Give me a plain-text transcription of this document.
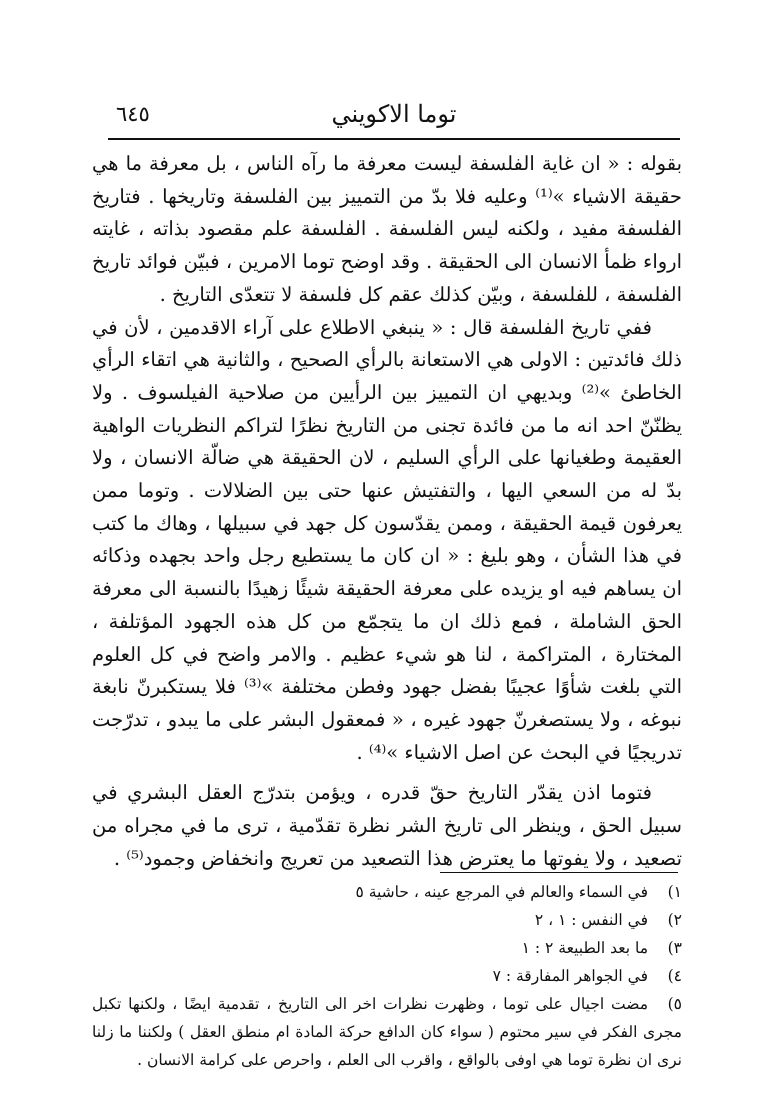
٦٤٥	توما الاكويني

بقوله : « ان غاية الفلسفة ليست معرفة ما رآه الناس ، بل معرفة ما هي حقيقة الاشياء »⁽¹⁾ وعليه فلا بدّ من التمييز بين الفلسفة وتاريخها . فتاريخ الفلسفة مفيد ، ولكنه ليس الفلسفة . الفلسفة علم مقصود بذاته ، غايته ارواء ظمأ الانسان الى الحقيقة . وقد اوضح توما الامرين ، فبيّن فوائد تاريخ الفلسفة ، للفلسفة ، وبيّن كذلك عقم كل فلسفة لا تتعدّى التاريخ .

ففي تاريخ الفلسفة قال : « ينبغي الاطلاع على آراء الاقدمين ، لأن في ذلك فائدتين : الاولى هي الاستعانة بالرأي الصحيح ، والثانية هي اتقاء الرأي الخاطئ »⁽²⁾ وبديهي ان التمييز بين الرأيين من صلاحية الفيلسوف . ولا يظنّنّ احد انه ما من فائدة تجنى من التاريخ نظرًا لتراكم النظريات الواهية العقيمة وطغيانها على الرأي السليم ، لان الحقيقة هي ضالّة الانسان ، ولا بدّ له من السعي اليها ، والتفتيش عنها حتى بين الضلالات . وتوما ممن يعرفون قيمة الحقيقة ، وممن يقدّسون كل جهد في سبيلها ، وهاك ما كتب في هذا الشأن ، وهو بليغ : « ان كان ما يستطيع رجل واحد بجهده وذكائه ان يساهم فيه او يزيده على معرفة الحقيقة شيئًا زهيدًا بالنسبة الى معرفة الحق الشاملة ، فمع ذلك ان ما يتجمّع من كل هذه الجهود المؤتلفة ، المختارة ، المتراكمة ، لنا هو شيء عظيم . والامر واضح في كل العلوم التي بلغت شأوًا عجيبًا بفضل جهود وفطن مختلفة »⁽³⁾ فلا يستكبرنّ نابغة نبوغه ، ولا يستصغرنّ جهود غيره ، « فمعقول البشر على ما يبدو ، تدرّجت تدريجيًا في البحث عن اصل الاشياء »⁽⁴⁾ .

فتوما اذن يقدّر التاريخ حقّ قدره ، ويؤمن بتدرّج العقل البشري في سبيل الحق ، وينظر الى تاريخ الشر نظرة تقدّمية ، ترى ما في مجراه من تصعيد ، ولا يفوتها ما يعترض هذا التصعيد من تعريج وانخفاض وجمود⁽⁵⁾ .

١)في السماء والعالم في المرجع عينه ، حاشية ٥

٢)في النفس : ١ ، ٢

٣)ما بعد الطبيعة ٢ : ١

٤)في الجواهر المفارقة : ٧

٥)مضت اجيال على توما ، وظهرت نظرات اخر الى التاريخ ، تقدمية ايضًا ، ولكنها تكبل مجرى الفكر في سير محتوم ( سواء كان الدافع حركة المادة ام منطق العقل ) ولكننا ما زلنا نرى ان نظرة توما هي اوفى بالواقع ، واقرب الى العلم ، واحرص على كرامة الانسان .
